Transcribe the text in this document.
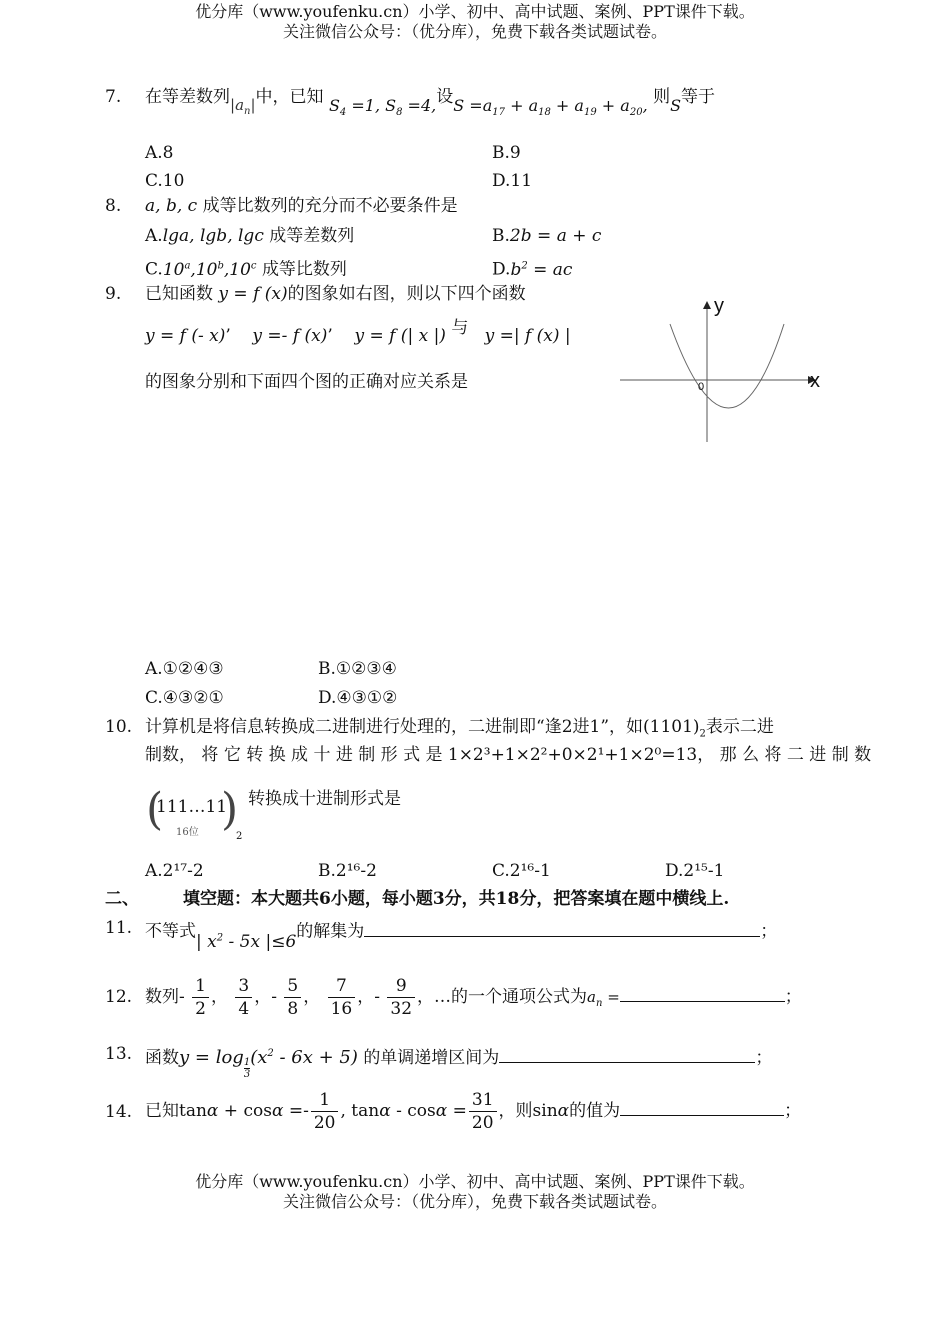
优分库（www.youfenku.cn）小学、初中、高中试题、案例、PPT课件下载。
关注微信公众号：（优分库），免费下载各类试题试卷。
7. 在等差数列$|a_n|$中，已知 $S_4 =1$, $S_8 =4$,设$S =a_{17} + a_{18} + a_{19} + a_{20}$, 则S等于
A.8	B.9
C.10	D.11
8. a, b, c 成等比数列的充分而不必要条件是
A.lga, lgb, lgc 成等差数列	B.2b = a + c
C.10$^a$,10$^b$,10$^c$ 成等比数列	$D.b^2$ = ac
9. 已知函数 y = f (x)的图象如右图，则以下四个函数
y = f (- x)’    y =- f (x)’    y = f (| x |) 与 y =| f (x) |
的图象分别和下面四个图的正确对应关系是
y
x
0
A.①②④③	B.①②③④
C.④③②①	D.④③①②
10. 计算机是将信息转换成二进制进行处理的，二进制即“逢2进1”，如$(1101)_2$表示二进
制数， 将 它 转 换 成 十 进 制 形 式 是 1×2³+1×2²+0×2¹+1×2⁰=13， 那 么 将 二 进 制 数
(
111…11
16位 )
2
转换成十进制形式是
A.2¹⁷-2	B.2¹⁶-2	C.2¹⁶-1	D.2¹⁵-1
二、	填空题：本大题共6小题，每小题3分，共18分，把答案填在题中横线上.
11. 不等式| $x^2 - 5x$ |≤6的解集为	；
12. 数列- $\frac{1}{2}$ ， $\frac{3}{4}$ ，- $\frac{5}{8}$ ， $\frac{7}{16}$ ，- $\frac{9}{32}$ ，…的一个通项公式为$a_n$ =	；
13. 函数$y = \log \frac{1}{3} (x^2 - 6x + 5)$ 的单调递增区间为	；
14. 已知$\tan\alpha + \cos\alpha =- \frac{1}{20}$ , $\tan\alpha - \cos\alpha = \frac{31}{20}$ ，则sinα的值为	；
优分库（www.youfenku.cn）小学、初中、高中试题、案例、PPT课件下载。
关注微信公众号：（优分库），免费下载各类试题试卷。
